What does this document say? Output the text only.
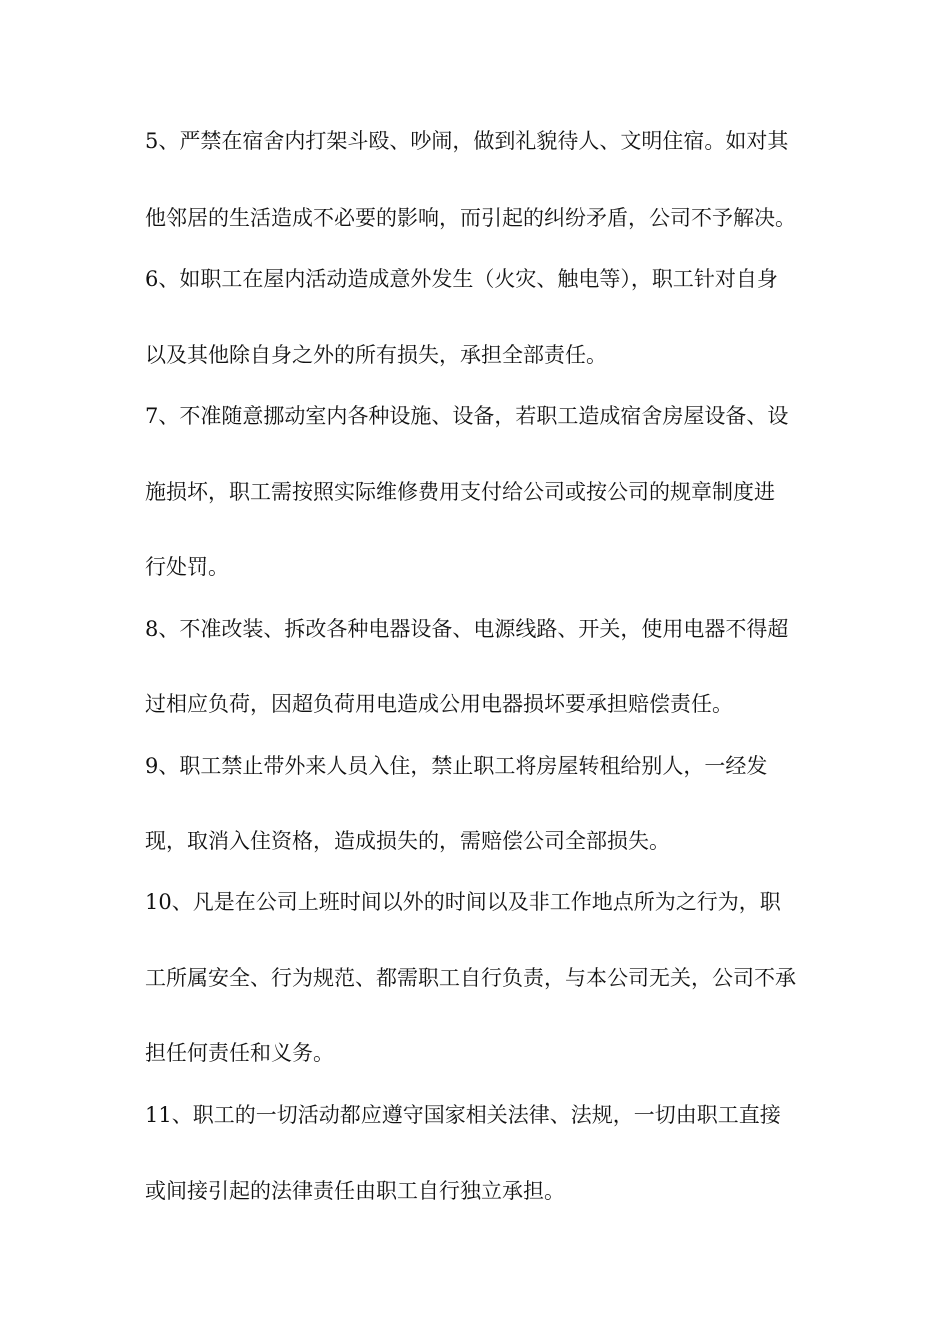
5、严禁在宿舍内打架斗殴、吵闹，做到礼貌待人、文明住宿。如对其
他邻居的生活造成不必要的影响，而引起的纠纷矛盾，公司不予解决。
6、如职工在屋内活动造成意外发生（火灾、触电等），职工针对自身
以及其他除自身之外的所有损失，承担全部责任。
7、不准随意挪动室内各种设施、设备，若职工造成宿舍房屋设备、设
施损坏，职工需按照实际维修费用支付给公司或按公司的规章制度进
行处罚。
8、不准改装、拆改各种电器设备、电源线路、开关，使用电器不得超
过相应负荷，因超负荷用电造成公用电器损坏要承担赔偿责任。
9、职工禁止带外来人员入住，禁止职工将房屋转租给别人，一经发
现，取消入住资格，造成损失的，需赔偿公司全部损失。
10、凡是在公司上班时间以外的时间以及非工作地点所为之行为，职
工所属安全、行为规范、都需职工自行负责，与本公司无关，公司不承
担任何责任和义务。
11、职工的一切活动都应遵守国家相关法律、法规，一切由职工直接
或间接引起的法律责任由职工自行独立承担。
